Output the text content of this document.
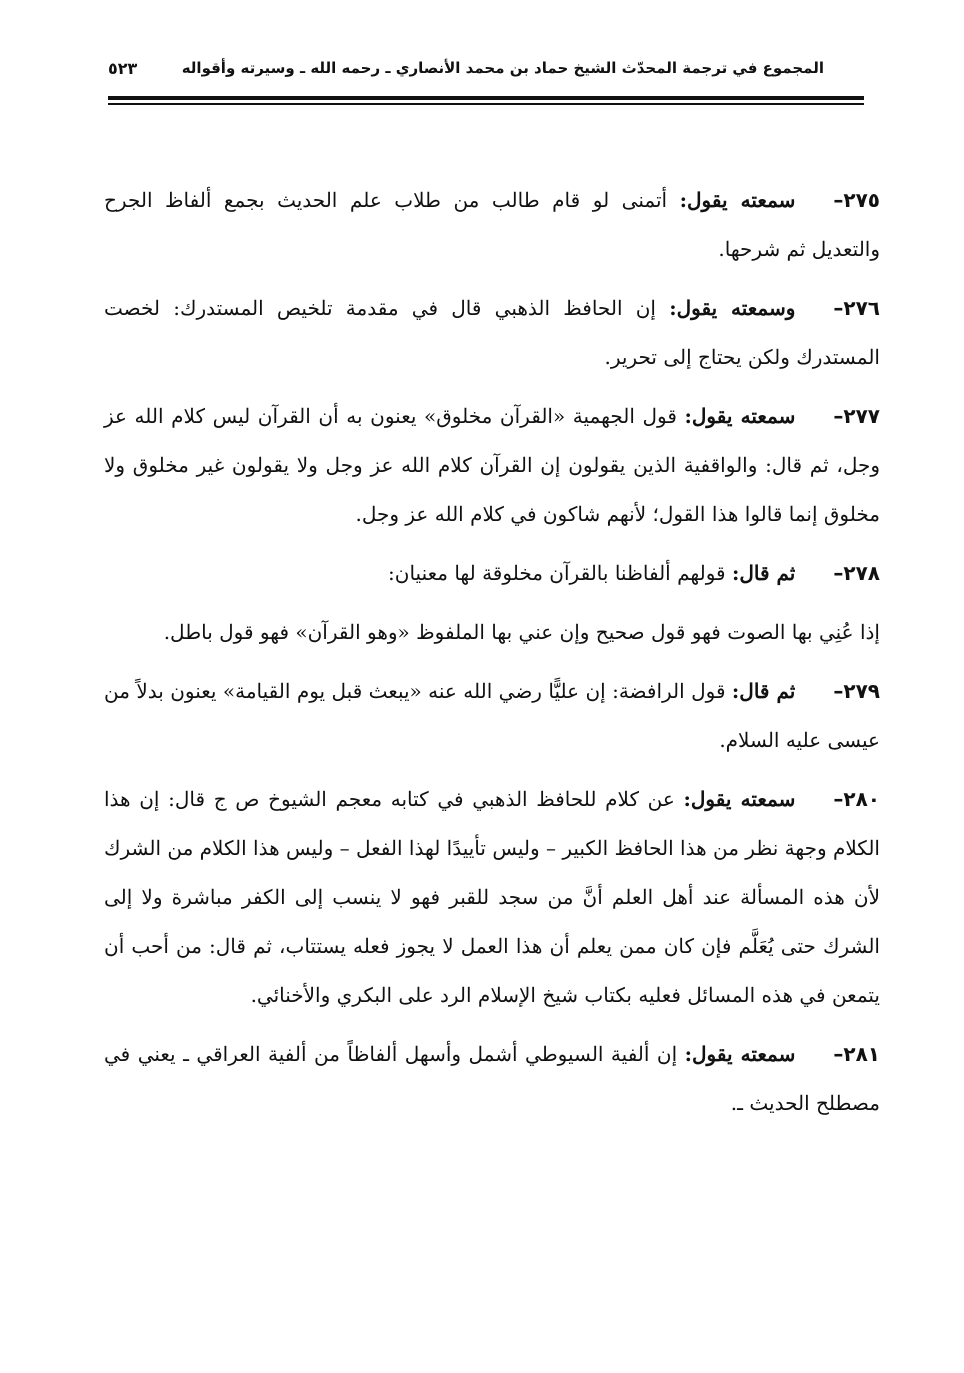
المجموع في ترجمة المحدّث الشيخ حماد بن محمد الأنصاري ـ رحمه الله ـ وسيرته وأقواله
٥٢٣

٢٧٥–سمعته يقول: أتمنى لو قام طالب من طلاب علم الحديث بجمع ألفاظ الجرح والتعديل ثم شرحها.

٢٧٦–وسمعته يقول: إن الحافظ الذهبي قال في مقدمة تلخيص المستدرك: لخصت المستدرك ولكن يحتاج إلى تحرير.

٢٧٧–سمعته يقول: قول الجهمية «القرآن مخلوق» يعنون به أن القرآن ليس كلام الله عز وجل، ثم قال: والواقفية الذين يقولون إن القرآن كلام الله عز وجل ولا يقولون غير مخلوق ولا مخلوق إنما قالوا هذا القول؛ لأنهم شاكون في كلام الله عز وجل.

٢٧٨–ثم قال: قولهم ألفاظنا بالقرآن مخلوقة لها معنيان:

إذا عُنِي بها الصوت فهو قول صحيح وإن عني بها الملفوظ «وهو القرآن» فهو قول باطل.

٢٧٩–ثم قال: قول الرافضة: إن عليًّا رضي الله عنه «يبعث قبل يوم القيامة» يعنون بدلاً من عيسى عليه السلام.

٢٨٠–سمعته يقول: عن كلام للحافظ الذهبي في كتابه معجم الشيوخ ص ج قال: إن هذا الكلام وجهة نظر من هذا الحافظ الكبير – وليس تأييدًا لهذا الفعل – وليس هذا الكلام من الشرك لأن هذه المسألة عند أهل العلم أنَّ من سجد للقبر فهو لا ينسب إلى الكفر مباشرة ولا إلى الشرك حتى يُعَلَّم فإن كان ممن يعلم أن هذا العمل لا يجوز فعله يستتاب، ثم قال: من أحب أن يتمعن في هذه المسائل فعليه بكتاب شيخ الإسلام الرد على البكري والأخنائي.

٢٨١–سمعته يقول: إن ألفية السيوطي أشمل وأسهل ألفاظاً من ألفية العراقي ـ يعني في مصطلح الحديث ـ.
